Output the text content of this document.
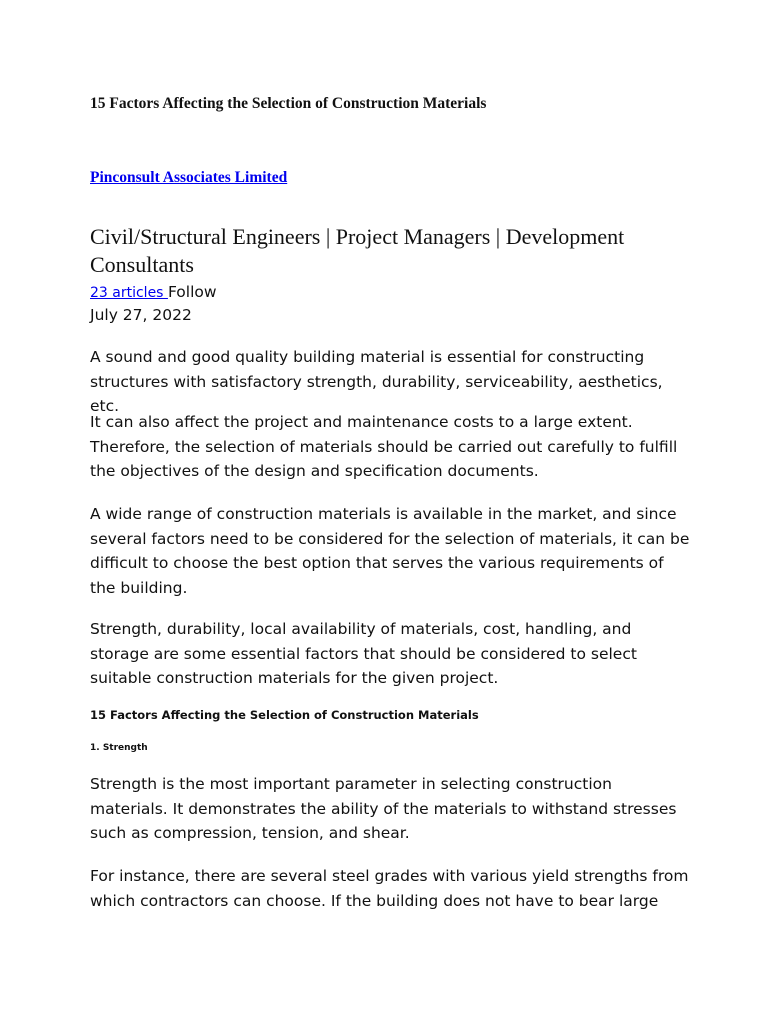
15 Factors Affecting the Selection of Construction Materials
Pinconsult Associates Limited
Civil/Structural Engineers | Project Managers | Development Consultants
23 articles Follow
July 27, 2022

A sound and good quality building material is essential for constructing structures with satisfactory strength, durability, serviceability, aesthetics, etc.

It can also affect the project and maintenance costs to a large extent. Therefore, the selection of materials should be carried out carefully to fulfill the objectives of the design and specification documents.

A wide range of construction materials is available in the market, and since several factors need to be considered for the selection of materials, it can be difficult to choose the best option that serves the various requirements of the building.

Strength, durability, local availability of materials, cost, handling, and storage are some essential factors that should be considered to select suitable construction materials for the given project.

15 Factors Affecting the Selection of Construction Materials
1. Strength

Strength is the most important parameter in selecting construction materials. It demonstrates the ability of the materials to withstand stresses such as compression, tension, and shear.

For instance, there are several steel grades with various yield strengths from which contractors can choose. If the building does not have to bear large
